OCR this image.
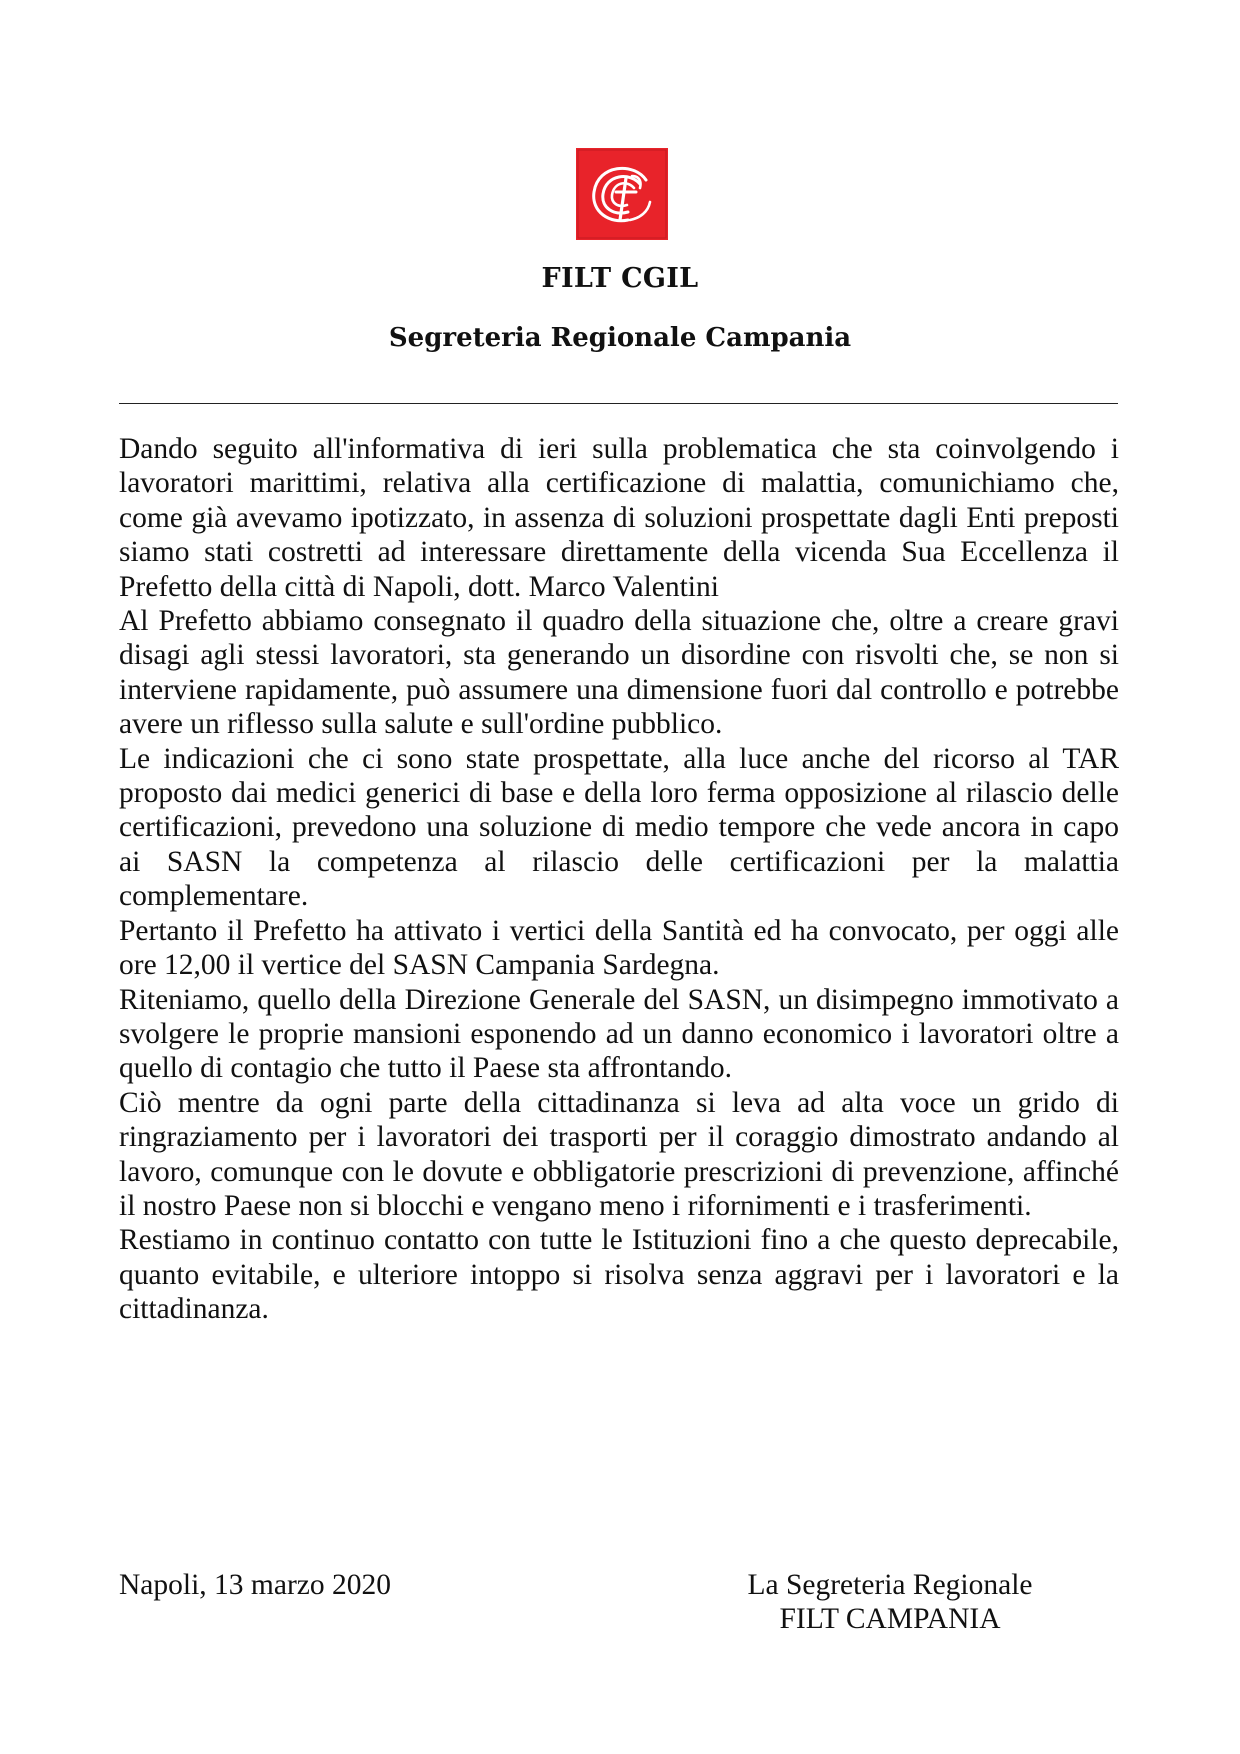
FILT CGIL
Segreteria Regionale Campania

Dando seguito all'informativa di ieri sulla problematica che sta coinvolgendo i lavoratori marittimi, relativa alla certificazione di malattia, comunichiamo che, come già avevamo ipotizzato, in assenza di soluzioni prospettate dagli Enti preposti siamo stati costretti ad interessare direttamente della vicenda Sua Eccellenza il Prefetto della città di Napoli, dott. Marco Valentini

Al Prefetto abbiamo consegnato il quadro della situazione che, oltre a creare gravi disagi agli stessi lavoratori, sta generando un disordine con risvolti che, se non si interviene rapidamente, può assumere una dimensione fuori dal controllo e potrebbe avere un riflesso sulla salute e sull'ordine pubblico.

Le indicazioni che ci sono state prospettate, alla luce anche del ricorso al TAR proposto dai medici generici di base e della loro ferma opposizione al rilascio delle certificazioni, prevedono una soluzione di medio tempore che vede ancora in capo ai SASN la competenza al rilascio delle certificazioni per la malattia complementare.

Pertanto il Prefetto ha attivato i vertici della Santità ed ha convocato, per oggi alle ore 12,00 il vertice del SASN Campania Sardegna.

Riteniamo, quello della Direzione Generale del SASN, un disimpegno immotivato a svolgere le proprie mansioni esponendo ad un danno economico i lavoratori oltre a quello di contagio che tutto il Paese sta affrontando.

Ciò mentre da ogni parte della cittadinanza si leva ad alta voce un grido di ringraziamento per i lavoratori dei trasporti per il coraggio dimostrato andando al lavoro, comunque con le dovute e obbligatorie prescrizioni di prevenzione, affinché il nostro Paese non si blocchi e vengano meno i rifornimenti e i trasferimenti.

Restiamo in continuo contatto con tutte le Istituzioni fino a che questo deprecabile, quanto evitabile, e ulteriore intoppo si risolva senza aggravi per i lavoratori e la cittadinanza.

Napoli, 13 marzo 2020	La Segreteria Regionale
FILT CAMPANIA
